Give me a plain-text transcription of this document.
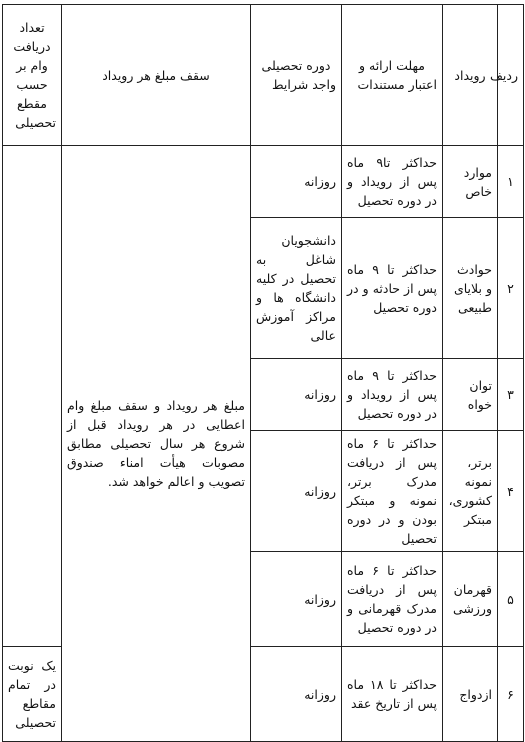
ردیف	رویداد	مهلت ارائه و اعتبار مستندات	دوره تحصیلی واجد شرایط	سقف مبلغ هر رویداد	تعداد دریافت وام بر حسب مقطع تحصیلی
۱	موارد خاص	حداکثر تا۹ ماه پس از رویداد و در دوره تحصیل	روزانه	مبلغ هر رویداد و سقف مبلغ وام اعطایی در هر رویداد قبل از شروع هر سال تحصیلی مطابق مصوبات هیأت امناء صندوق تصویب و اعالم خواهد شد.	
۲	حوادث و بلایای طبیعی	حداکثر تا ۹ ماه پس از حادثه و در دوره تحصیل	دانشجویان شاغل به تحصیل در کلیه دانشگاه ها و مراکز آموزش عالی		
۳	توان خواه	حداکثر تا ۹ ماه پس از رویداد و در دوره تحصیل	روزانه		
۴	برتر، نمونه کشوری، مبتکر	حداکثر تا ۶ ماه پس از دریافت مدرک برتر، نمونه و مبتکر بودن و در دوره تحصیل	روزانه		
۵	قهرمان ورزشی	حداکثر تا ۶ ماه پس از دریافت مدرک قهرمانی و در دوره تحصیل	روزانه		
۶	ازدواج	حداکثر تا ۱۸ ماه پس از تاریخ عقد	روزانه		یک نوبت در تمام مقاطع تحصیلی
